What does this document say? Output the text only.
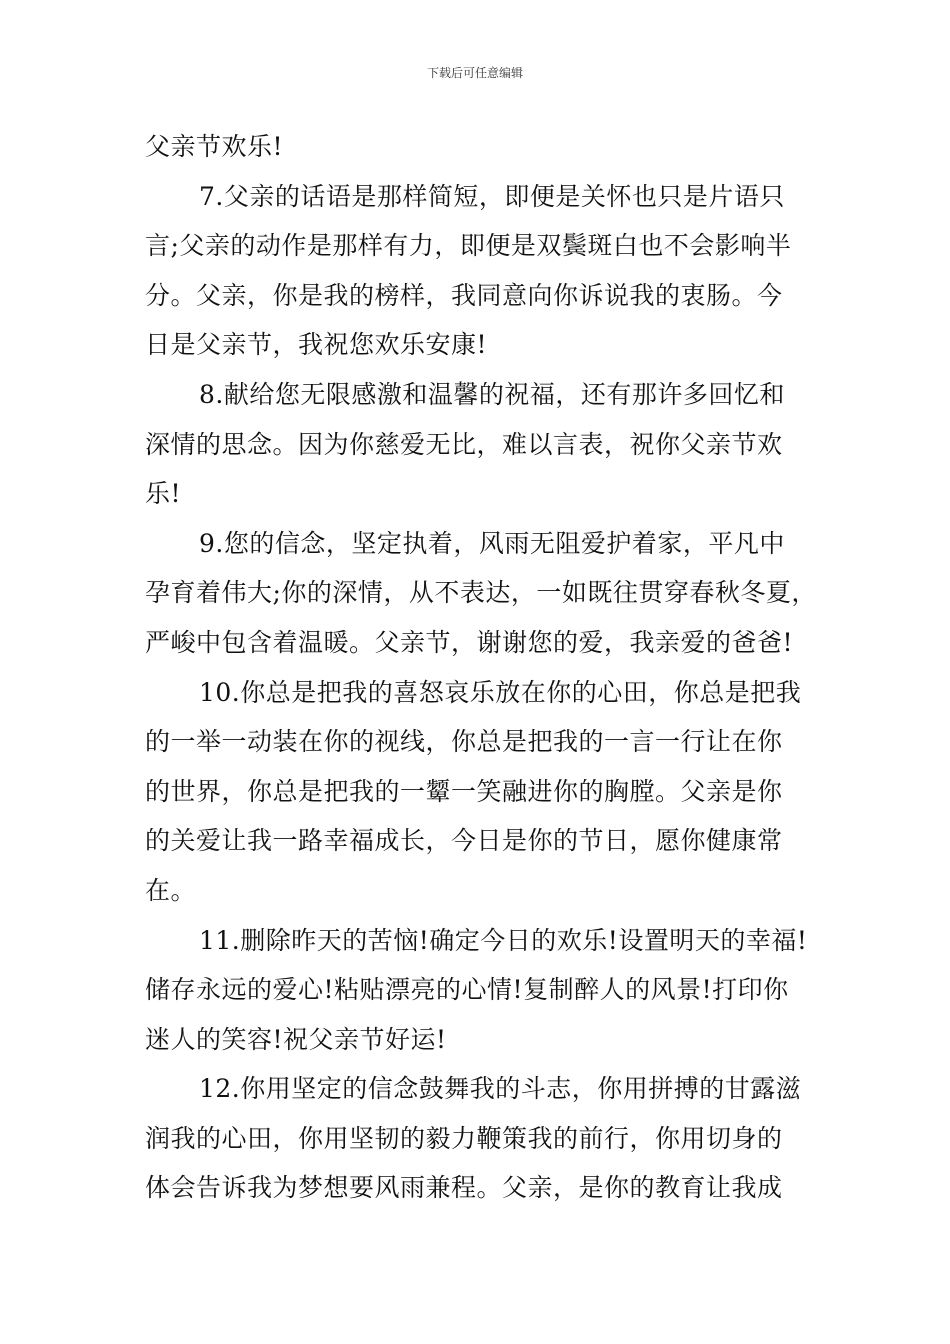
下载后可任意编辑
父亲节欢乐!
7.父亲的话语是那样简短，即便是关怀也只是片语只
言;父亲的动作是那样有力，即便是双鬓斑白也不会影响半
分。父亲，你是我的榜样，我同意向你诉说我的衷肠。今
日是父亲节，我祝您欢乐安康!
8.献给您无限感激和温馨的祝福，还有那许多回忆和
深情的思念。因为你慈爱无比，难以言表，祝你父亲节欢
乐!
9.您的信念，坚定执着，风雨无阻爱护着家，平凡中
孕育着伟大;你的深情，从不表达，一如既往贯穿春秋冬夏，
严峻中包含着温暖。父亲节，谢谢您的爱，我亲爱的爸爸!
10.你总是把我的喜怒哀乐放在你的心田，你总是把我
的一举一动装在你的视线，你总是把我的一言一行让在你
的世界，你总是把我的一颦一笑融进你的胸膛。父亲是你
的关爱让我一路幸福成长，今日是你的节日，愿你健康常
在。
11.删除昨天的苦恼!确定今日的欢乐!设置明天的幸福!
储存永远的爱心!粘贴漂亮的心情!复制醉人的风景!打印你
迷人的笑容!祝父亲节好运!
12.你用坚定的信念鼓舞我的斗志，你用拼搏的甘露滋
润我的心田，你用坚韧的毅力鞭策我的前行，你用切身的
体会告诉我为梦想要风雨兼程。父亲，是你的教育让我成
